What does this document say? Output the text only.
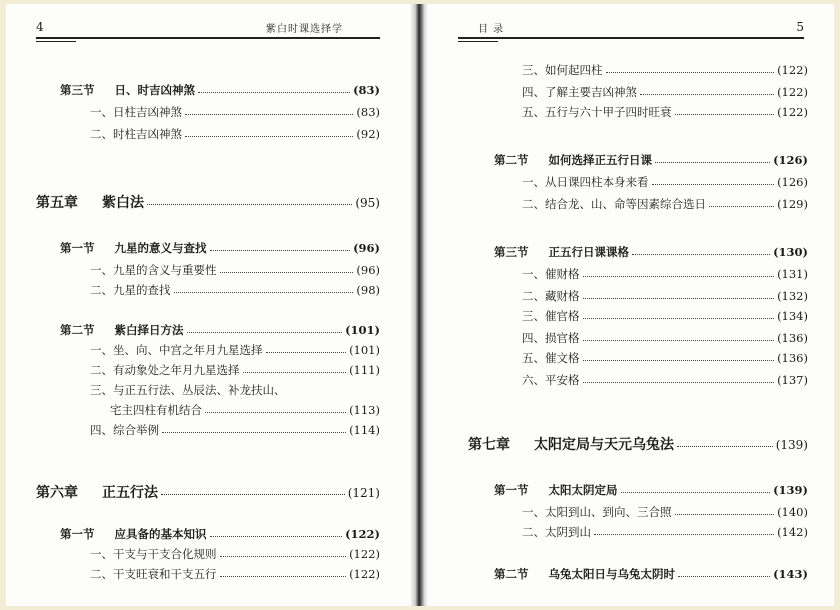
4	紫白时课选择学
第三节 日、时吉凶神煞	(83)
一、日柱吉凶神煞	(83)
二、时柱吉凶神煞	(92)
第五章 紫白法	(95)
第一节 九星的意义与查找	(96)
一、九星的含义与重要性	(96)
二、九星的查找	(98)
第二节 紫白择日方法	(101)
一、坐、向、中宫之年月九星选择	(101)
二、有动象处之年月九星选择	(111)
三、与正五行法、丛辰法、补龙扶山、
宅主四柱有机结合	(113)
四、综合举例	(114)
第六章 正五行法	(121)
第一节 应具备的基本知识	(122)
一、干支与干支合化规则	(122)
二、干支旺衰和干支五行	(122)
目 录	5
三、如何起四柱	(122)
四、了解主要吉凶神煞	(122)
五、五行与六十甲子四时旺衰	(122)
第二节 如何选择正五行日课	(126)
一、从日课四柱本身来看	(126)
二、结合龙、山、命等因素综合选日	(129)
第三节 正五行日课课格	(130)
一、催财格	(131)
二、藏财格	(132)
三、催官格	(134)
四、损官格	(136)
五、催文格	(136)
六、平安格	(137)
第七章 太阳定局与天元乌兔法	(139)
第一节 太阳太阴定局	(139)
一、太阳到山、到向、三合照	(140)
二、太阴到山	(142)
第二节 乌兔太阳日与乌兔太阴时	(143)
